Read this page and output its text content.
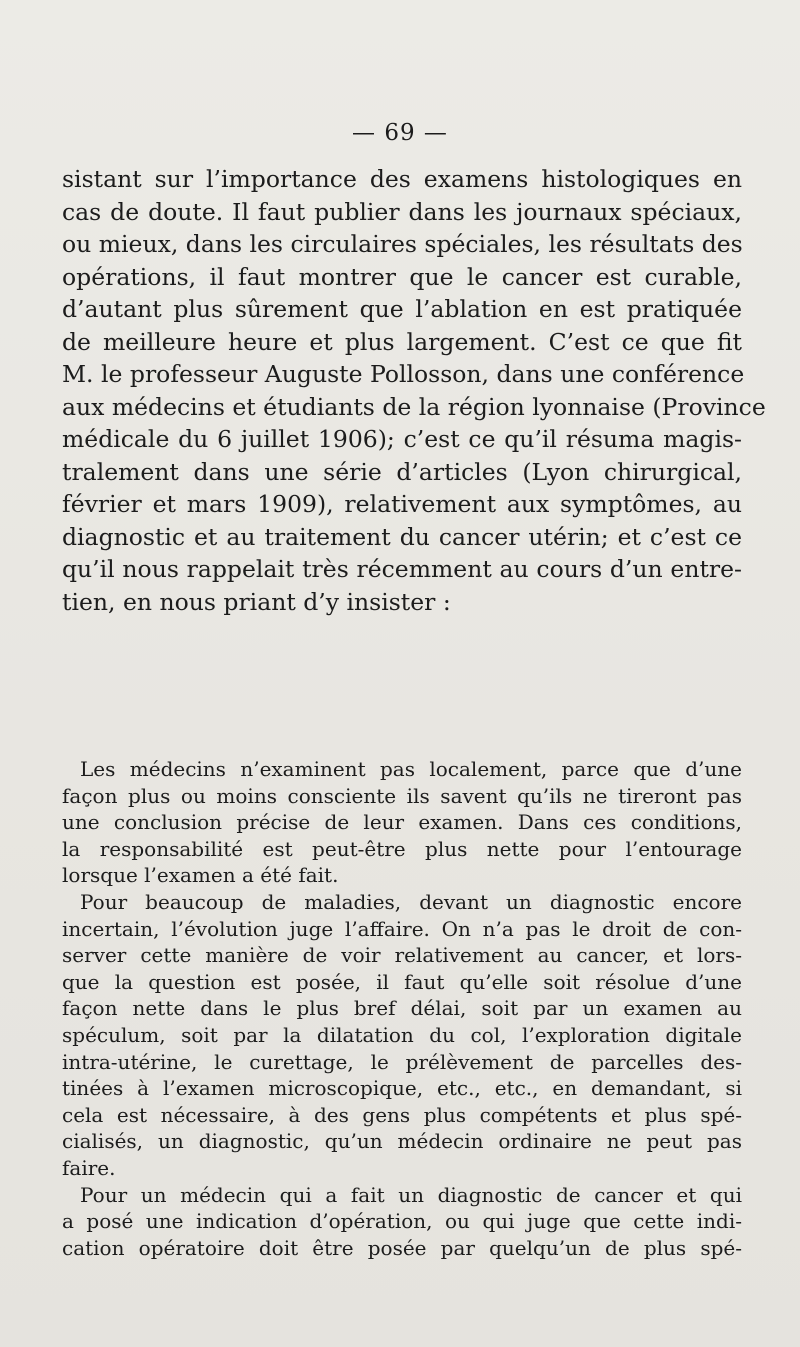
— 69 —
sistant sur l’importance des examens histologiques en
cas de doute. Il faut publier dans les journaux spéciaux,
ou mieux, dans les circulaires spéciales, les résultats des
opérations, il faut montrer que le cancer est curable,
d’autant plus sûrement que l’ablation en est pratiquée
de meilleure heure et plus largement. C’est ce que fit
M. le professeur Auguste Pollosson, dans une conférence
aux médecins et étudiants de la région lyonnaise (Province
médicale du 6 juillet 1906); c’est ce qu’il résuma magis-
tralement dans une série d’articles (Lyon chirurgical,
février et mars 1909), relativement aux symptômes, au
diagnostic et au traitement du cancer utérin; et c’est ce
qu’il nous rappelait très récemment au cours d’un entre-
tien, en nous priant d’y insister :
Les médecins n’examinent pas localement, parce que d’une
façon plus ou moins consciente ils savent qu’ils ne tireront pas
une conclusion précise de leur examen. Dans ces conditions,
la responsabilité est peut-être plus nette pour l’entourage
lorsque l’examen a été fait.
Pour beaucoup de maladies, devant un diagnostic encore
incertain, l’évolution juge l’affaire. On n’a pas le droit de con-
server cette manière de voir relativement au cancer, et lors-
que la question est posée, il faut qu’elle soit résolue d’une
façon nette dans le plus bref délai, soit par un examen au
spéculum, soit par la dilatation du col, l’exploration digitale
intra-utérine, le curettage, le prélèvement de parcelles des-
tinées à l’examen microscopique, etc., etc., en demandant, si
cela est nécessaire, à des gens plus compétents et plus spé-
cialisés, un diagnostic, qu’un médecin ordinaire ne peut pas
faire.
Pour un médecin qui a fait un diagnostic de cancer et qui
a posé une indication d’opération, ou qui juge que cette indi-
cation opératoire doit être posée par quelqu’un de plus spé-
